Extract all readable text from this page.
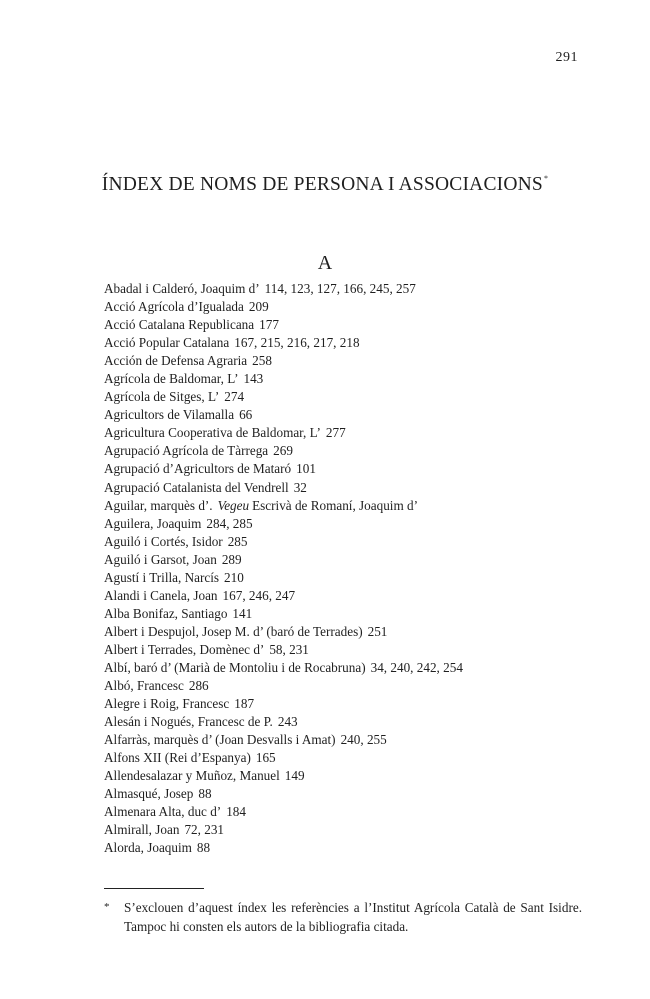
291
ÍNDEX DE NOMS DE PERSONA I ASSOCIACIONS*
A
Abadal i Calderó, Joaquim d’ 114, 123, 127, 166, 245, 257
Acció Agrícola d’Igualada 209
Acció Catalana Republicana 177
Acció Popular Catalana 167, 215, 216, 217, 218
Acción de Defensa Agraria 258
Agrícola de Baldomar, L’ 143
Agrícola de Sitges, L’ 274
Agricultors de Vilamalla 66
Agricultura Cooperativa de Baldomar, L’ 277
Agrupació Agrícola de Tàrrega 269
Agrupació d’Agricultors de Mataró 101
Agrupació Catalanista del Vendrell 32
Aguilar, marquès d’. Vegeu Escrivà de Romaní, Joaquim d’
Aguilera, Joaquim 284, 285
Aguiló i Cortés, Isidor 285
Aguiló i Garsot, Joan 289
Agustí i Trilla, Narcís 210
Alandi i Canela, Joan 167, 246, 247
Alba Bonifaz, Santiago 141
Albert i Despujol, Josep M. d’ (baró de Terrades) 251
Albert i Terrades, Domènec d’ 58, 231
Albí, baró d’ (Marià de Montoliu i de Rocabruna) 34, 240, 242, 254
Albó, Francesc 286
Alegre i Roig, Francesc 187
Alesán i Nogués, Francesc de P. 243
Alfarràs, marquès d’ (Joan Desvalls i Amat) 240, 255
Alfons XII (Rei d’Espanya) 165
Allendesalazar y Muñoz, Manuel 149
Almasqué, Josep 88
Almenara Alta, duc d’ 184
Almirall, Joan 72, 231
Alorda, Joaquim 88
*	S’exclouen d’aquest índex les referències a l’Institut Agrícola Català de Sant Isidre. Tampoc hi consten els autors de la bibliografia citada.
